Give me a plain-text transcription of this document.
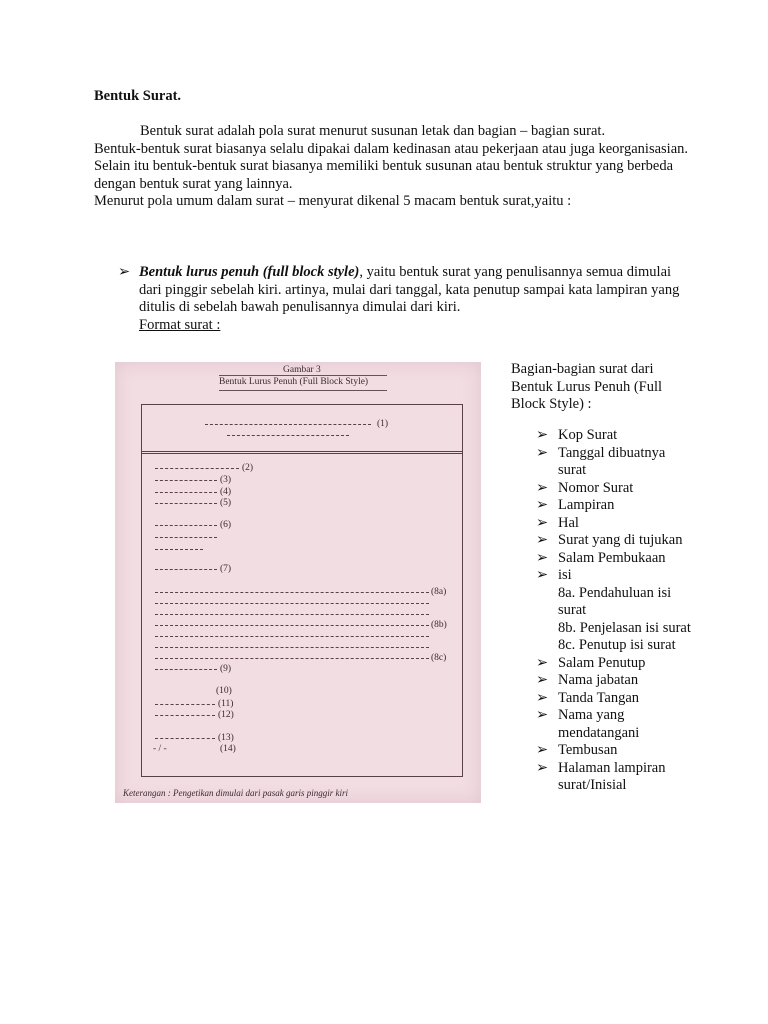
Bentuk Surat.
Bentuk surat adalah pola surat menurut susunan letak dan bagian – bagian surat.
Bentuk-bentuk surat biasanya selalu dipakai dalam kedinasan atau pekerjaan atau juga keorganisasian. Selain itu bentuk-bentuk surat biasanya memiliki bentuk susunan atau bentuk struktur yang berbeda dengan bentuk surat yang lainnya.
Menurut pola umum dalam surat – menyurat dikenal 5 macam bentuk surat,yaitu :
➢ Bentuk lurus penuh (full block style), yaitu bentuk surat yang penulisannya semua dimulai dari pinggir sebelah kiri. artinya, mulai dari tanggal, kata penutup sampai kata lampiran yang ditulis di sebelah bawah penulisannya dimulai dari kiri.
Format surat :
Gambar 3
Bentuk Lurus Penuh (Full Block Style)
(1)
(2)
(3)
(4)
(5)
(6)
(7)
(8a)
(8b)
(8c)
(9)
(10)
(11)
(12)
(13)
- / -	(14)
Keterangan : Pengetikan dimulai dari pasak garis pinggir kiri
Bagian-bagian surat dari Bentuk Lurus Penuh (Full Block Style) :
➢ Kop Surat
➢ Tanggal dibuatnya surat
➢ Nomor Surat
➢ Lampiran
➢ Hal
➢ Surat yang di tujukan
➢ Salam Pembukaan
➢ isi
8a. Pendahuluan isi surat
8b. Penjelasan isi surat
8c. Penutup isi surat
➢ Salam Penutup
➢ Nama jabatan
➢ Tanda Tangan
➢ Nama yang mendatangani
➢ Tembusan
➢ Halaman lampiran surat/Inisial
